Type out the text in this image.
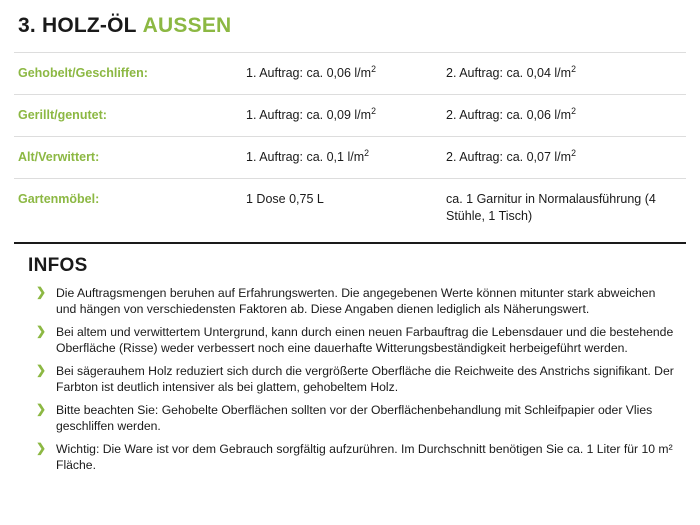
3. HOLZ-ÖL AUSSEN
Gehobelt/Geschliffen:	1. Auftrag: ca. 0,06 $l/m^2$	2. Auftrag: ca. 0,04 $l/m^2$
Gerillt/genutet:	1. Auftrag: ca. 0,09 $l/m^2$	2. Auftrag: ca. 0,06 $l/m^2$
Alt/Verwittert:	1. Auftrag: ca. 0,1 $l/m^2$	2. Auftrag: ca. 0,07 $l/m^2$
Gartenmöbel:	1 Dose 0,75 L	ca. 1 Garnitur in Normalausführung (4 Stühle, 1 Tisch)
INFOS
❯ Die Auftragsmengen beruhen auf Erfahrungswerten. Die angegebenen Werte können mitunter stark abweichen und hängen von verschiedensten Faktoren ab. Diese Angaben dienen lediglich als Näherungswert.
❯ Bei altem und verwittertem Untergrund, kann durch einen neuen Farbauftrag die Lebensdauer und die bestehende Oberfläche (Risse) weder verbessert noch eine dauerhafte Witterungsbeständigkeit herbeigeführt werden.
❯ Bei sägerauhem Holz reduziert sich durch die vergrößerte Oberfläche die Reichweite des Anstrichs signifikant. Der Farbton ist deutlich intensiver als bei glattem, gehobeltem Holz.
❯ Bitte beachten Sie: Gehobelte Oberflächen sollten vor der Oberflächenbehandlung mit Schleifpapier oder Vlies geschliffen werden.
❯ Wichtig: Die Ware ist vor dem Gebrauch sorgfältig aufzurühren. Im Durchschnitt benötigen Sie ca. 1 Liter für 10 m² Fläche.
